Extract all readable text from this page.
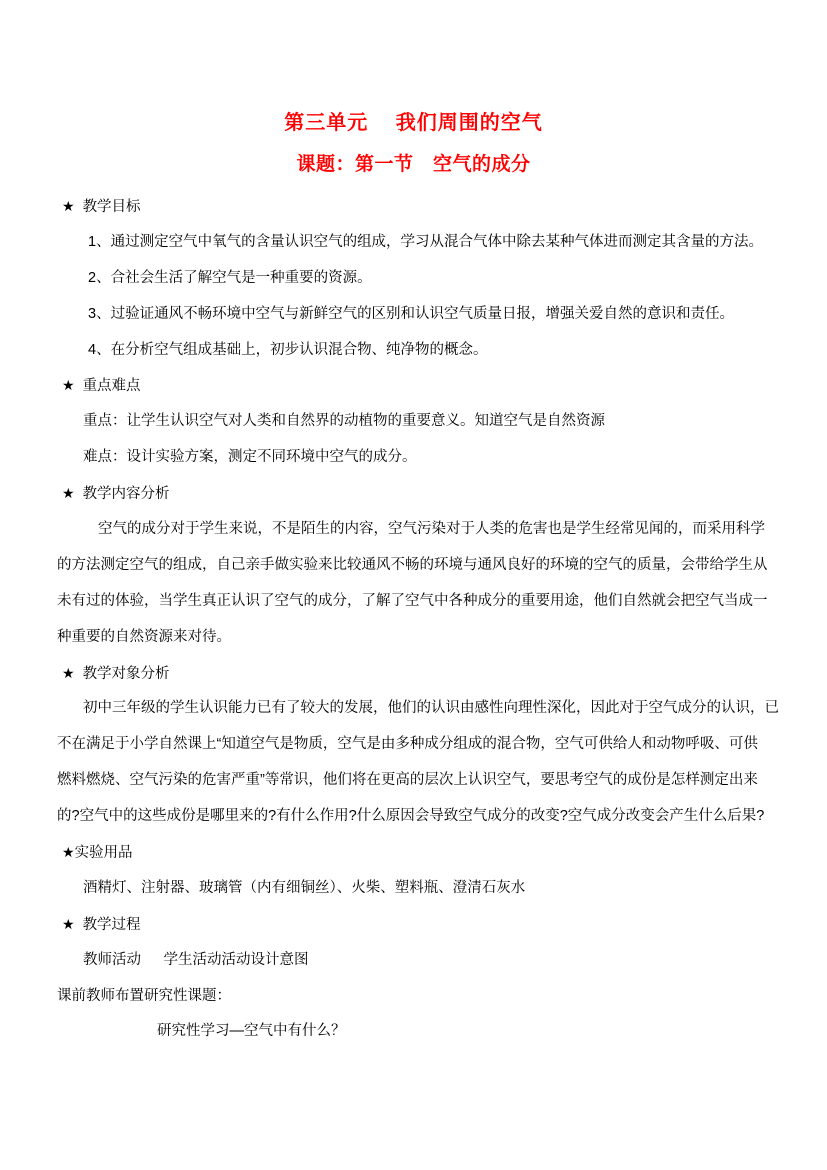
第三单元　 我们周围的空气
课题：第一节　空气的成分
★ 教学目标
1、通过测定空气中氧气的含量认识空气的组成，学习从混合气体中除去某种气体进而测定其含量的方法。
2、合社会生活了解空气是一种重要的资源。
3、过验证通风不畅环境中空气与新鲜空气的区别和认识空气质量日报，增强关爱自然的意识和责任。
4、在分析空气组成基础上，初步认识混合物、纯净物的概念。
★ 重点难点
重点：让学生认识空气对人类和自然界的动植物的重要意义。知道空气是自然资源
难点：设计实验方案，测定不同环境中空气的成分。
★ 教学内容分析
空气的成分对于学生来说，不是陌生的内容，空气污染对于人类的危害也是学生经常见闻的，而采用科学
的方法测定空气的组成，自己亲手做实验来比较通风不畅的环境与通风良好的环境的空气的质量，会带给学生从
未有过的体验，当学生真正认识了空气的成分，了解了空气中各种成分的重要用途，他们自然就会把空气当成一
种重要的自然资源来对待。
★ 教学对象分析
初中三年级的学生认识能力已有了较大的发展，他们的认识由感性向理性深化，因此对于空气成分的认识，已
不在满足于小学自然课上“知道空气是物质，空气是由多种成分组成的混合物，空气可供给人和动物呼吸、可供
燃料燃烧、空气污染的危害严重”等常识，他们将在更高的层次上认识空气，要思考空气的成份是怎样测定出来
的?空气中的这些成份是哪里来的?有什么作用?什么原因会导致空气成分的改变?空气成分改变会产生什么后果?
★实验用品
酒精灯、注射器、玻璃管（内有细铜丝）、火柴、塑料瓶、澄清石灰水
★ 教学过程
教师活动　  学生活动活动设计意图
课前教师布置研究性课题：
研究性学习—空气中有什么？
